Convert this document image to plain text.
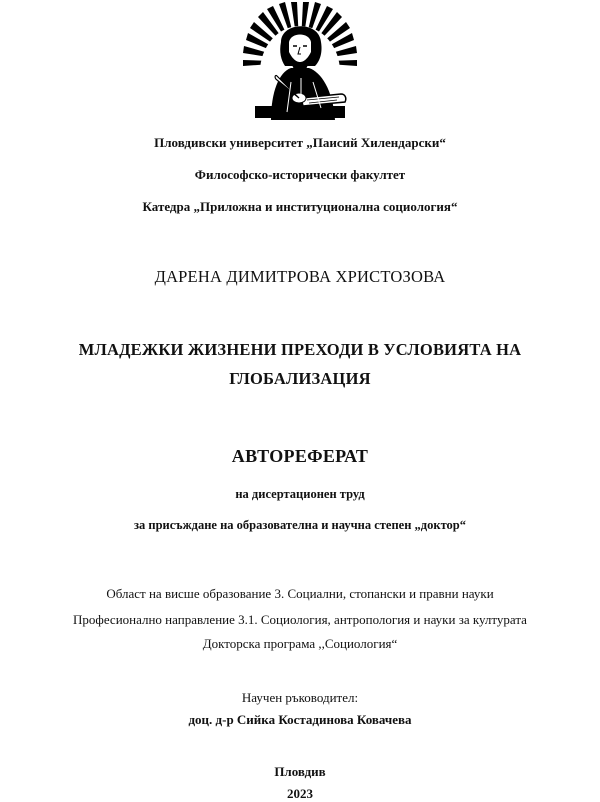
Пловдивски университет „Паисий Хилендарски“
Философско-исторически факултет
Катедра „Приложна и институционална социология“
ДАРЕНА ДИМИТРОВА ХРИСТОЗОВА
МЛАДЕЖКИ ЖИЗНЕНИ ПРЕХОДИ В УСЛОВИЯТА НА
ГЛОБАЛИЗАЦИЯ
АВТОРЕФЕРАТ
на дисертационен труд
за присъждане на образователна и научна степен „доктор“
Област на висше образование 3. Социални, стопански и правни науки
Професионално направление 3.1. Социология, антропология и науки за културата
Докторска програма ,,Социология“
Научен ръководител:
доц. д-р Сийка Костадинова Ковачева
Пловдив
2023
